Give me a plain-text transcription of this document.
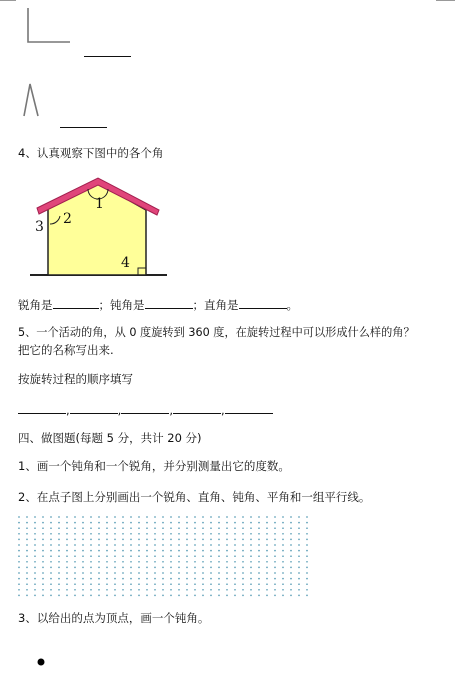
4、认真观察下图中的各个角
1
2
3
4
锐角是	；钝角是	；直角是	。
5、一个活动的角，从 0 度旋转到 360 度，在旋转过程中可以形成什么样的角？
把它的名称写出来.
按旋转过程的顺序填写
,	,	,	,
四、做图题(每题 5 分，共计 20 分)
1、画一个钝角和一个锐角，并分别测量出它的度数。
2、在点子图上分别画出一个锐角、直角、钝角、平角和一组平行线。
3、以给出的点为顶点，画一个钝角。
